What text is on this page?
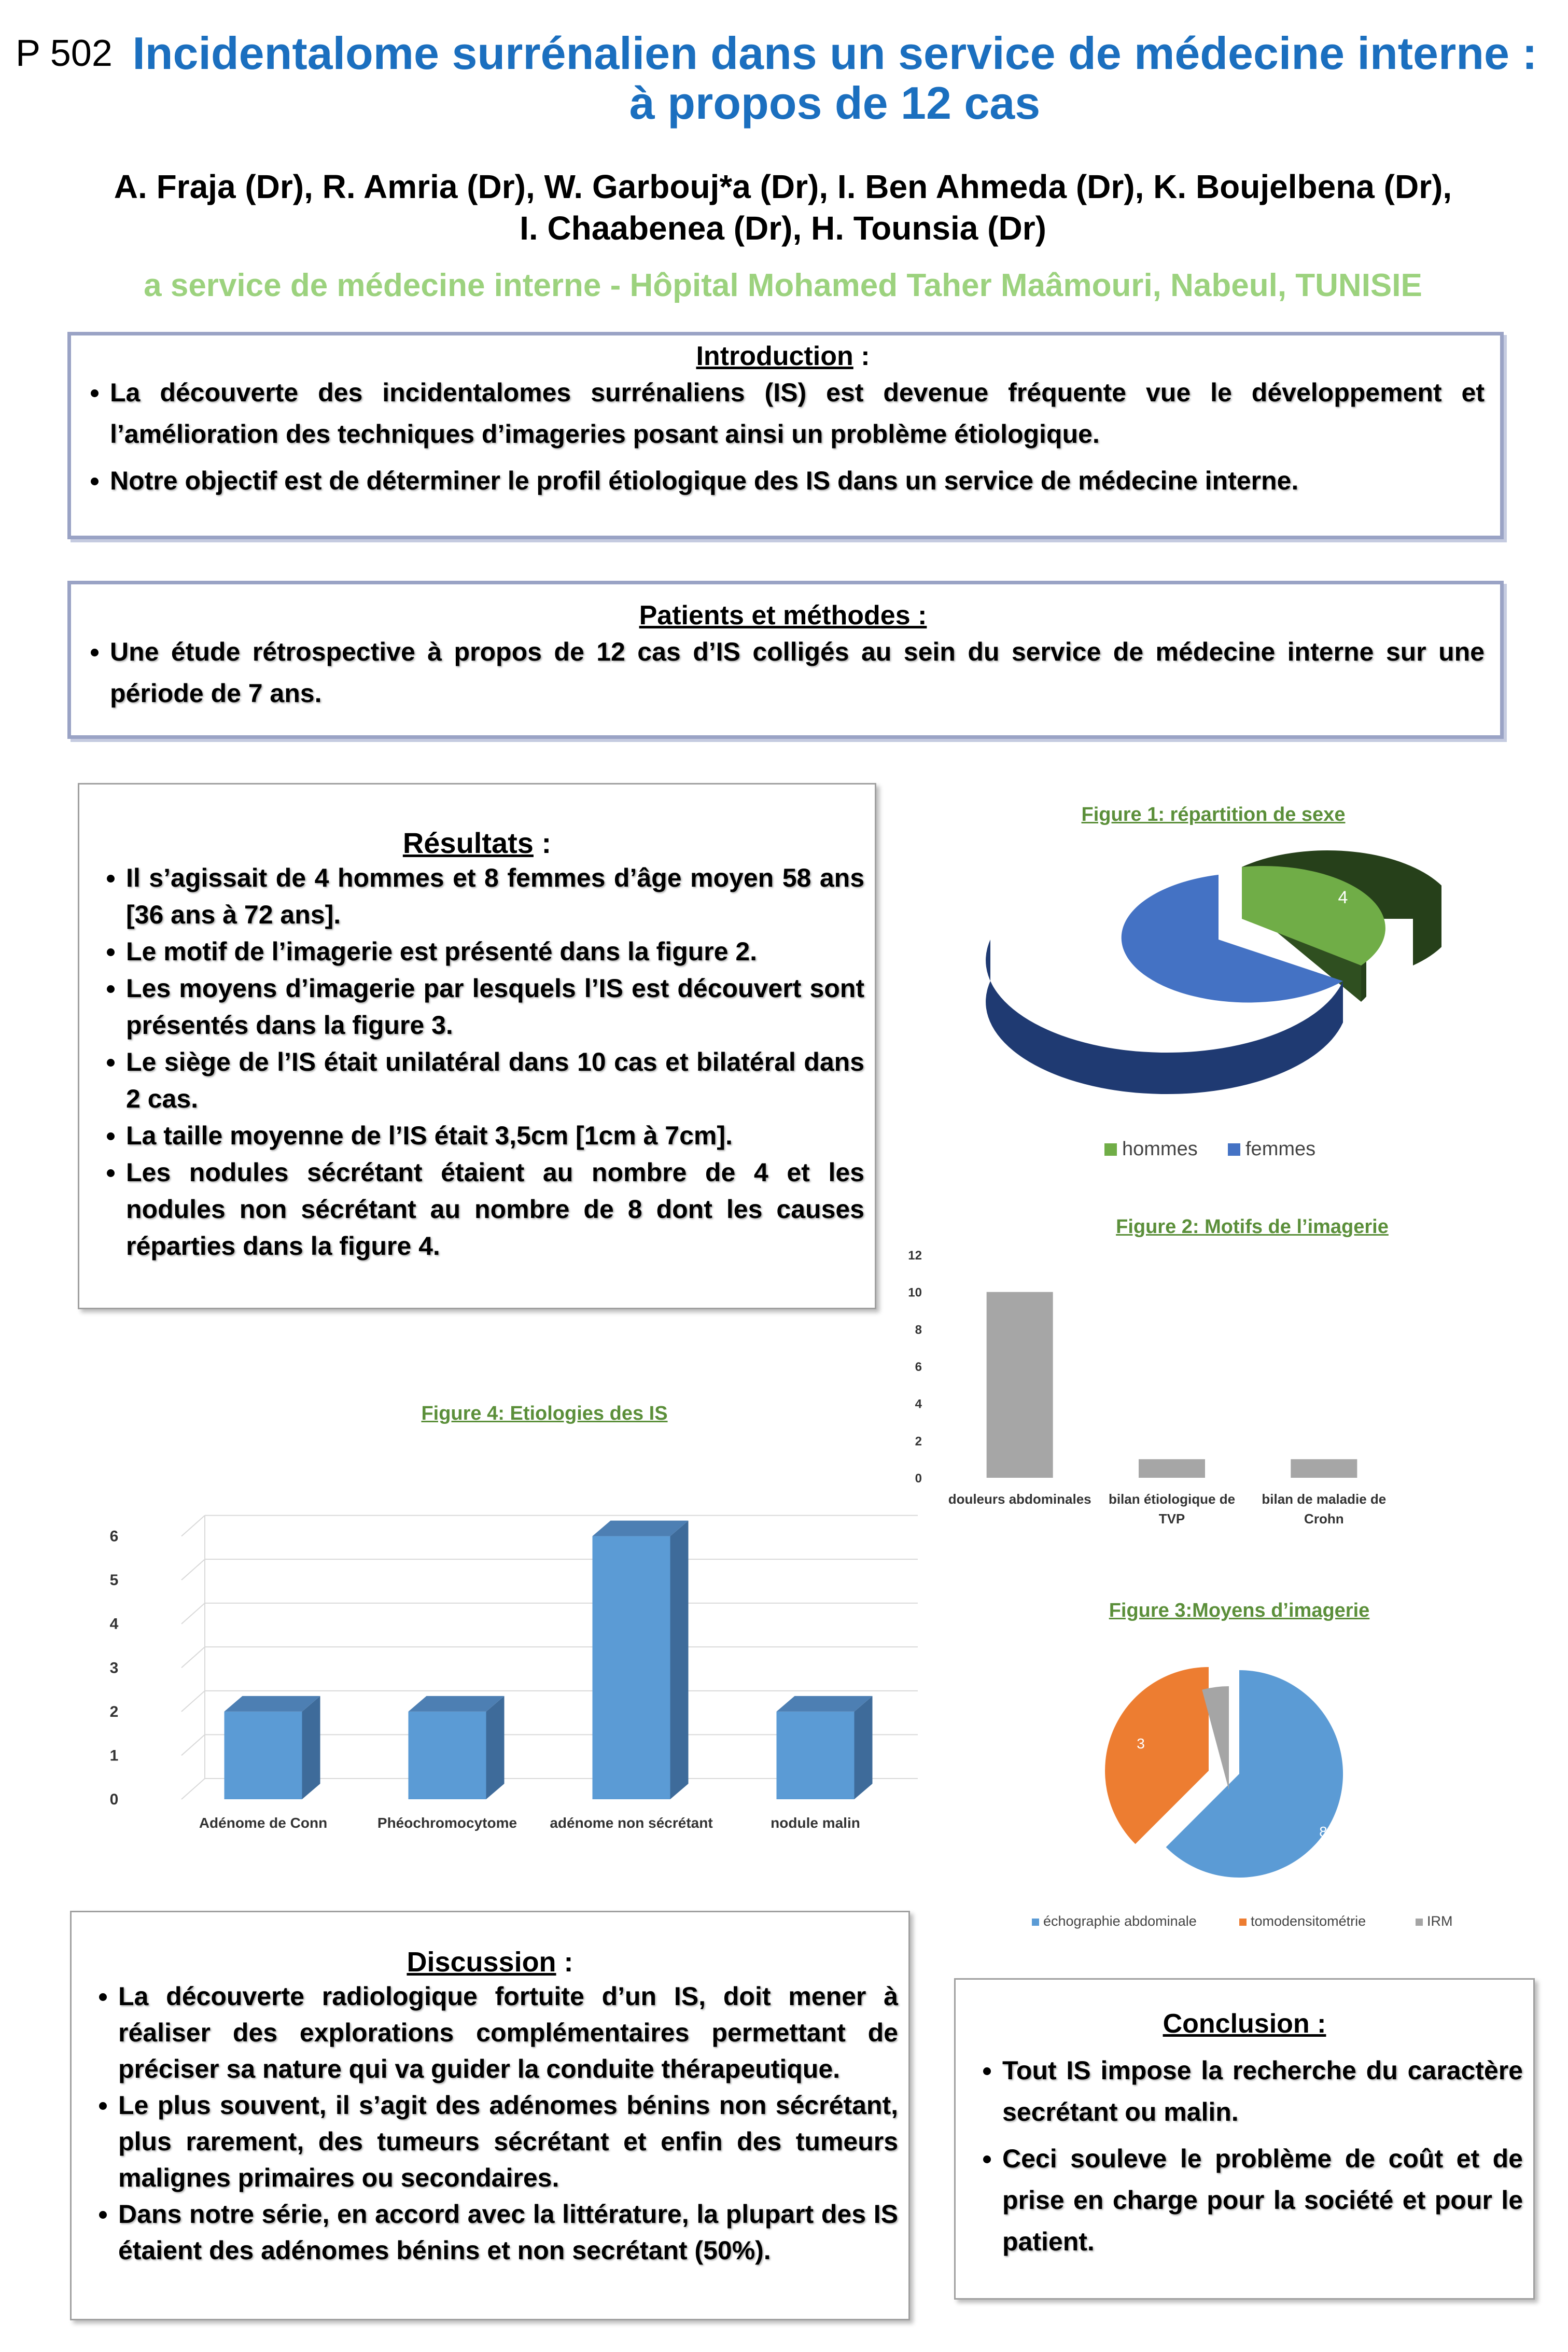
P 502 Incidentalome surrénalien dans un service de médecine interne :
à propos de 12 cas
A. Fraja (Dr), R. Amria (Dr), W. Garbouj*a (Dr), I. Ben Ahmeda (Dr), K. Boujelbena (Dr),
I. Chaabenea (Dr), H. Tounsia (Dr)
a service de médecine interne - Hôpital Mohamed Taher Maâmouri, Nabeul, TUNISIE
Introduction :
• La découverte des incidentalomes surrénaliens (IS) est devenue fréquente vue le développement et l’amélioration des techniques d’imageries posant ainsi un problème étiologique.
• Notre objectif est de déterminer le profil étiologique des IS dans un service de médecine interne.
Patients et méthodes :
• Une étude rétrospective à propos de 12 cas d’IS colligés au sein du service de médecine interne sur une période de 7 ans.
Résultats :
• Il s’agissait de 4 hommes et 8 femmes d’âge moyen 58 ans [36 ans à 72 ans].
• Le motif de l’imagerie est présenté dans la figure 2.
• Les moyens d’imagerie par lesquels l’IS est découvert sont présentés dans la figure 3.
• Le siège de l’IS était unilatéral dans 10 cas et bilatéral dans 2 cas.
• La taille moyenne de l’IS était 3,5cm [1cm à 7cm].
• Les nodules sécrétant étaient au nombre de 4 et les nodules non sécrétant au nombre de 8 dont les causes réparties dans la figure 4.
Figure 1: répartition de sexe
4
8
hommes femmes
Figure 2: Motifs de l’imagerie
0
2
4
6
8
10
12
douleurs abdominales bilan étiologique de TVP
bilan de maladie de Crohn
Figure 3:Moyens d’imagerie
1
3
8
échographie abdominale	tomodensitométrie	IRM
Figure 4: Etiologies des IS
0
1
2
3
4
5
6
Adénome de Conn	Phéochromocytome adénome non sécrétant	nodule malin
Discussion :
• La découverte radiologique fortuite d’un IS, doit mener à réaliser des explorations complémentaires permettant de préciser sa nature qui va guider la conduite thérapeutique.
• Le plus souvent, il s’agit des adénomes bénins non sécrétant, plus rarement, des tumeurs sécrétant et enfin des tumeurs malignes primaires ou secondaires.
• Dans notre série, en accord avec la littérature, la plupart des IS étaient des adénomes bénins et non secrétant (50%).
Conclusion :
• Tout IS impose la recherche du caractère secrétant ou malin.
• Ceci souleve le problème de coût et de prise en charge pour la société et pour le patient.
